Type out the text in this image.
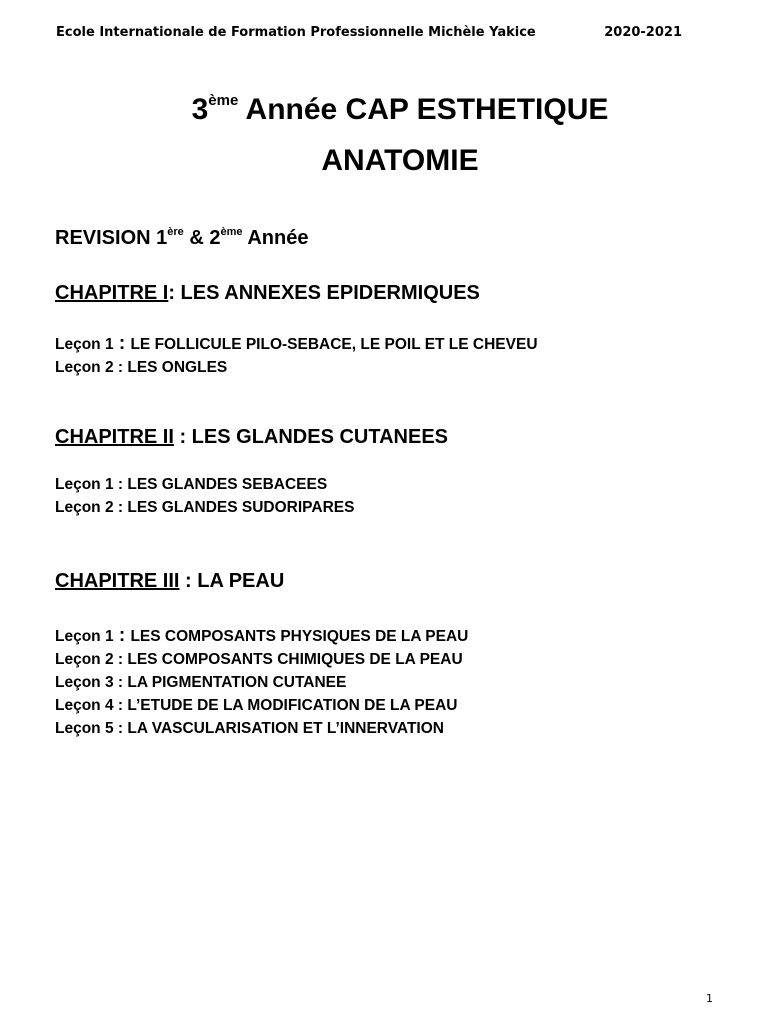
Ecole Internationale de Formation Professionnelle Michèle Yakice	2020-2021
3ème Année CAP ESTHETIQUE
ANATOMIE
REVISION 1ère & 2ème Année
CHAPITRE I: LES ANNEXES EPIDERMIQUES
Leçon 1 : LE FOLLICULE PILO-SEBACE, LE POIL ET LE CHEVEU
Leçon 2 : LES ONGLES
CHAPITRE II : LES GLANDES CUTANEES
Leçon 1 : LES GLANDES SEBACEES
Leçon 2 : LES GLANDES SUDORIPARES
CHAPITRE III : LA PEAU
Leçon 1 : LES COMPOSANTS PHYSIQUES DE LA PEAU
Leçon 2 : LES COMPOSANTS CHIMIQUES DE LA PEAU
Leçon 3 : LA PIGMENTATION CUTANEE
Leçon 4 : L’ETUDE DE LA MODIFICATION DE LA PEAU
Leçon 5 : LA VASCULARISATION ET L’INNERVATION
1
